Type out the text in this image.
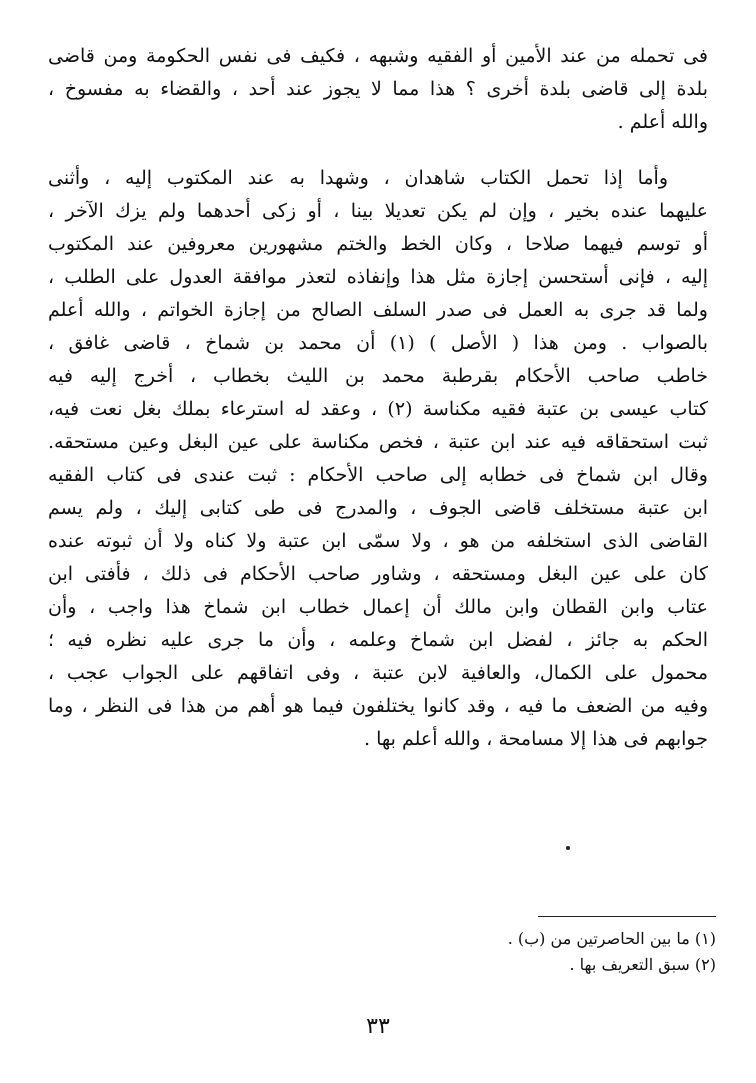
فى تحمله من عند الأمين أو الفقيه وشبهه ، فكيف فى نفس الحكومة ومن قاضى
بلدة إلى قاضى بلدة أخرى ؟ هذا مما لا يجوز عند أحد ، والقضاء به مفسوخ ،
والله أعلم .
وأما إذا تحمل الكتاب شاهدان ، وشهدا به عند المكتوب إليه ، وأثنى
عليهما عنده بخير ، وإن لم يكن تعديلا بينا ، أو زكى أحدهما ولم يزك الآخر ،
أو توسم فيهما صلاحا ، وكان الخط والختم مشهورين معروفين عند المكتوب
إليه ، فإنى أستحسن إجازة مثل هذا وإنفاذه لتعذر موافقة العدول على الطلب ،
ولما قد جرى به العمل فى صدر السلف الصالح من إجازة الخواتم ، والله أعلم
بالصواب . ومن هذا ( الأصل ) (١) أن محمد بن شماخ ، قاضى غافق ،
خاطب صاحب الأحكام بقرطبة محمد بن الليث بخطاب ، أخرج إليه فيه
كتاب عيسى بن عتبة فقيه مكناسة (٢) ، وعقد له استرعاء بملك بغل نعت فيه،
ثبت استحقاقه فيه عند ابن عتبة ، فخص مكناسة على عين البغل وعين مستحقه.
وقال ابن شماخ فى خطابه إلى صاحب الأحكام : ثبت عندى فى كتاب الفقيه
ابن عتبة مستخلف قاضى الجوف ، والمدرج فى طى كتابى إليك ، ولم يسم
القاضى الذى استخلفه من هو ، ولا سمّى ابن عتبة ولا كناه ولا أن ثبوته عنده
كان على عين البغل ومستحقه ، وشاور صاحب الأحكام فى ذلك ، فأفتى ابن
عتاب وابن القطان وابن مالك أن إعمال خطاب ابن شماخ هذا واجب ، وأن
الحكم به جائز ، لفضل ابن شماخ وعلمه ، وأن ما جرى عليه نظره فيه ؛
محمول على الكمال، والعافية لابن عتبة ، وفى اتفاقهم على الجواب عجب ،
وفيه من الضعف ما فيه ، وقد كانوا يختلفون فيما هو أهم من هذا فى النظر ، وما
جوابهم فى هذا إلا مسامحة ، والله أعلم بها .
(١) ما بين الحاصرتين من (ب) .
(٢) سبق التعريف بها .
٣٣
